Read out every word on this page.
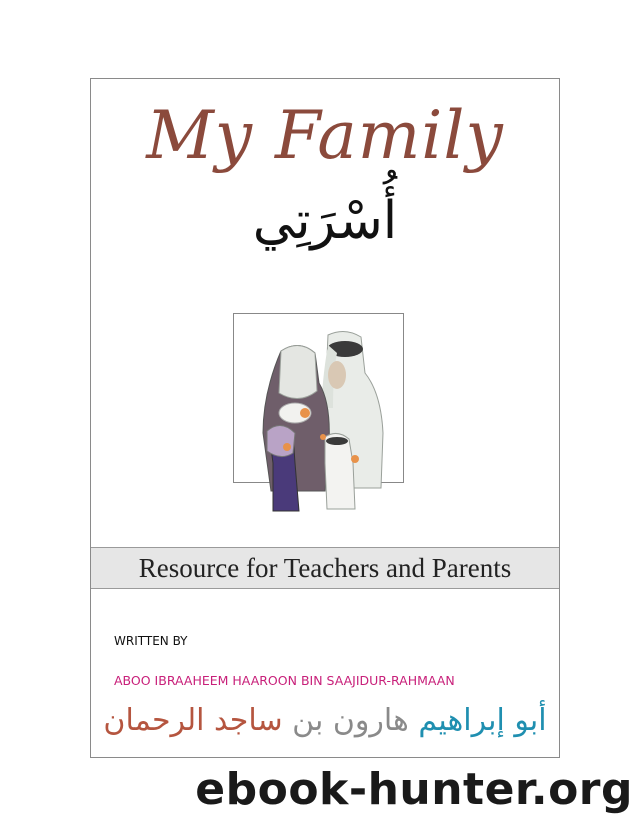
My Family
أُسْرَتِي
Resource for Teachers and Parents
WRITTEN BY
ABOO IBRAAHEEM HAAROON BIN SAAJIDUR-RAHMAAN
أبو إبراهيم هارون بن ساجد الرحمان
ebook-hunter.org
